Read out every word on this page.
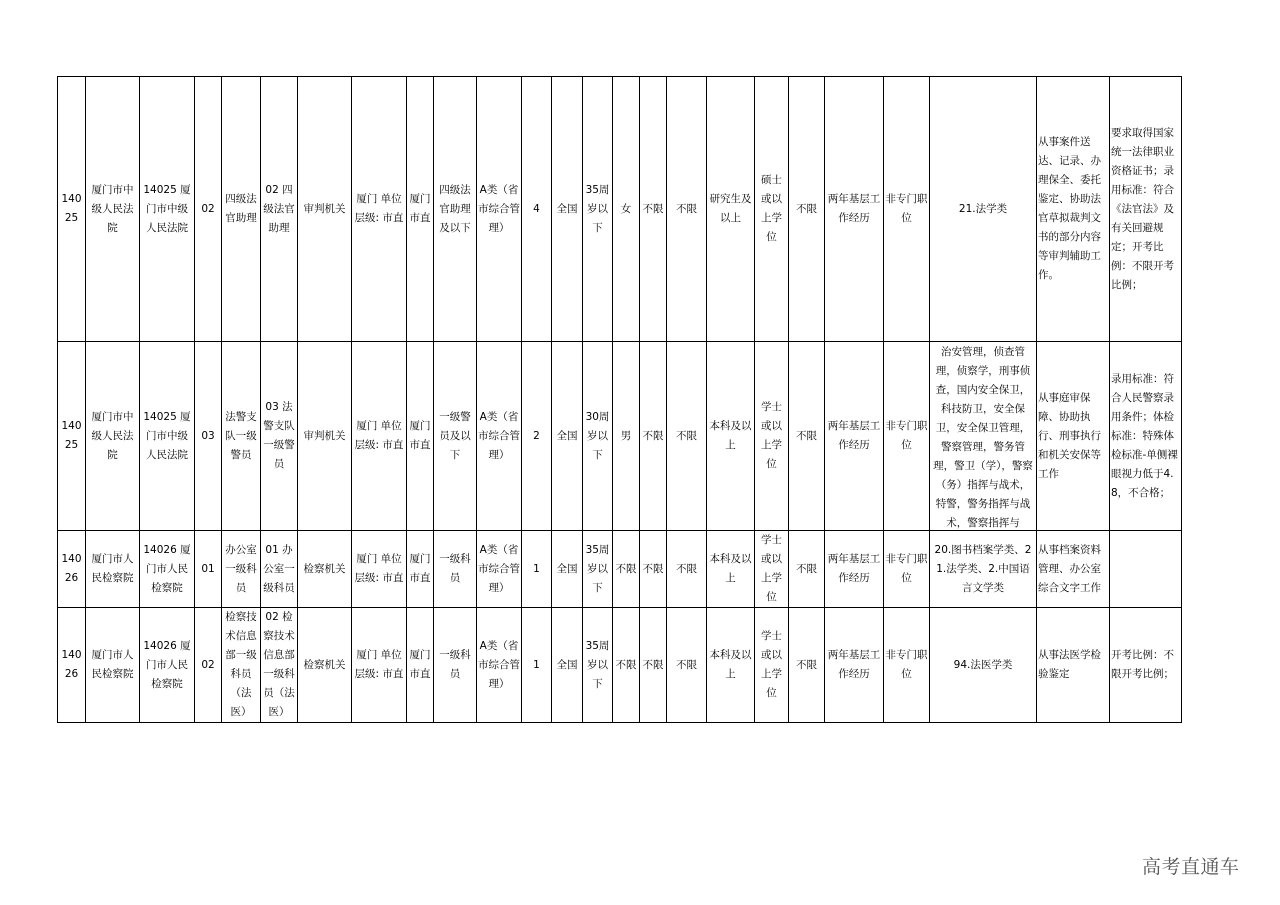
14025	厦门市中级人民法院	14025 厦门市中级人民法院	02	四级法官助理	02 四级法官助理	审判机关	厦门 单位层级: 市直	厦门市直	四级法官助理及以下	A类（省市综合管理）	4	全国	35周岁以下	女	不限	不限	研究生及以上	硕士或以上学位	不限	两年基层工作经历	非专门职位	21.法学类	从事案件送达、记录、办理保全、委托鉴定、协助法官草拟裁判文书的部分内容等审判辅助工作。	要求取得国家统一法律职业资格证书；录用标准：符合《法官法》及有关回避规定；开考比例：不限开考比例；
14025	厦门市中级人民法院	14025 厦门市中级人民法院	03	法警支队一级警员	03 法警支队一级警员	审判机关	厦门 单位层级: 市直	厦门市直	一级警员及以下	A类（省市综合管理）	2	全国	30周岁以下	男	不限	不限	本科及以上	学士或以上学位	不限	两年基层工作经历	非专门职位	治安管理，侦查管理，侦察学，刑事侦查，国内安全保卫，科技防卫，安全保卫，安全保卫管理，警察管理，警务管理，警卫（学），警察（务）指挥与战术，特警，警务指挥与战术，警察指挥与	从事庭审保障、协助执行、刑事执行和机关安保等工作	录用标准：符合人民警察录用条件；体检标准：特殊体检标准-单侧裸眼视力低于4.8，不合格；
14026	厦门市人民检察院	14026 厦门市人民检察院	01	办公室一级科员	01 办公室一级科员	检察机关	厦门 单位层级: 市直	厦门市直	一级科员	A类（省市综合管理）	1	全国	35周岁以下	不限	不限	不限	本科及以上	学士或以上学位	不限	两年基层工作经历	非专门职位	20.图书档案学类、21.法学类、2.中国语言文学类	从事档案资料管理、办公室综合文字工作	
14026	厦门市人民检察院	14026 厦门市人民检察院	02	检察技术信息部一级科员（法医）	02 检察技术信息部一级科员（法医）	检察机关	厦门 单位层级: 市直	厦门市直	一级科员	A类（省市综合管理）	1	全国	35周岁以下	不限	不限	不限	本科及以上	学士或以上学位	不限	两年基层工作经历	非专门职位	94.法医学类	从事法医学检验鉴定	开考比例：不限开考比例；
高考直通车
